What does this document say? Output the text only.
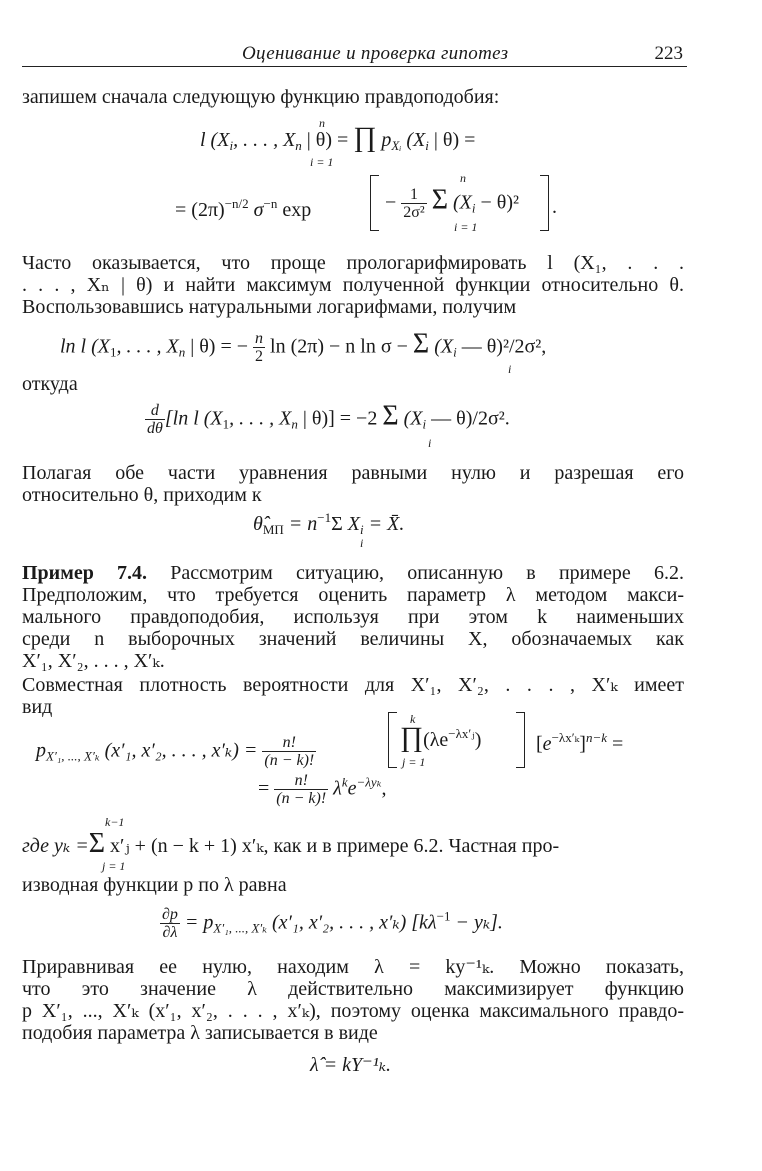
Оценивание и проверка гипотез	223
запишем сначала следующую функцию правдоподобия:
l ($X_i$, . . . , $X_n$ | θ) = ∏ $p_{Xᵢ}$ ($X_i$ | θ) =
n
i = 1
= $(2\pi)^{-n/2}$ $\sigma^{-n}$ exp	− $\frac{1}{\text{2σ²}}$ Σ $(X_i - \theta)^2$
n
i = 1
.
Часто оказывается, что проще прологарифмировать l (X₁, . . .
. . . , Xₙ | θ) и найти максимум полученной функции относительно θ.
Воспользовавшись натуральными логарифмами, получим
ln l ($X_1$, . . . , $X_n$ | θ) = − $\frac{n}{2}$ ln (2π) − n ln σ − Σ ($X_i$ — θ)²/2σ²,
i
откуда
$\frac{d}{d\theta} [\ln$ l ($X_1$, . . . , $X_n$ | θ)] = −2 Σ ($X_i$ — θ)/2σ².
i
Полагая обе части уравнения равными нулю и разрешая его
относительно θ, приходим к
$\thetâ_{МП} = n^{-1}\Sigma$ $X_i$ = X̄.
i
Пример 7.4. Рассмотрим ситуацию, описанную в примере 6.2.
Предположим, что требуется оценить параметр λ методом макси-
мального правдоподобия, используя при этом k наименьших
среди n выборочных значений величины X, обозначаемых как
X′₁, X′₂, . . . , X′ₖ.
Совместная плотность вероятности для X′₁, X′₂, . . . , X′ₖ имеет
вид
$p_{X'_1, ..., X'_k}$ (x′₁, x′₂, . . . , $x'_k) = \frac{n!}{(n - k)!}$	$\prod(\lambda e^{-\lambda x'ⱼ})$
k
j = 1
$[e^{-\lambda x'_k}]^{n-k}$ =
= $\frac{n!}{(n - k)!} \lambda^ke^{-\lambda y_k}$,
k−1
где yₖ =Σ x′ⱼ + (n − k + 1) x′ₖ, как и в примере 6.2. Частная про-
j = 1
изводная функции p по λ равна
$\frac{\partial p}{\partial\lambda} = p_{X'_1, ..., X'_k}$ (x′₁, x′₂, . . . , x′ₖ) $[k\lambda^{-1} - y_k]$.
Приравнивая ее нулю, находим λ = ky⁻¹ₖ. Можно показать,
что это значение λ действительно максимизирует функцию
p X′₁, ..., X′ₖ (x′₁, x′₂, . . . , x′ₖ), поэтому оценка максимального правдо-
подобия параметра λ записывается в виде
λ̂ = kY⁻¹ₖ.
